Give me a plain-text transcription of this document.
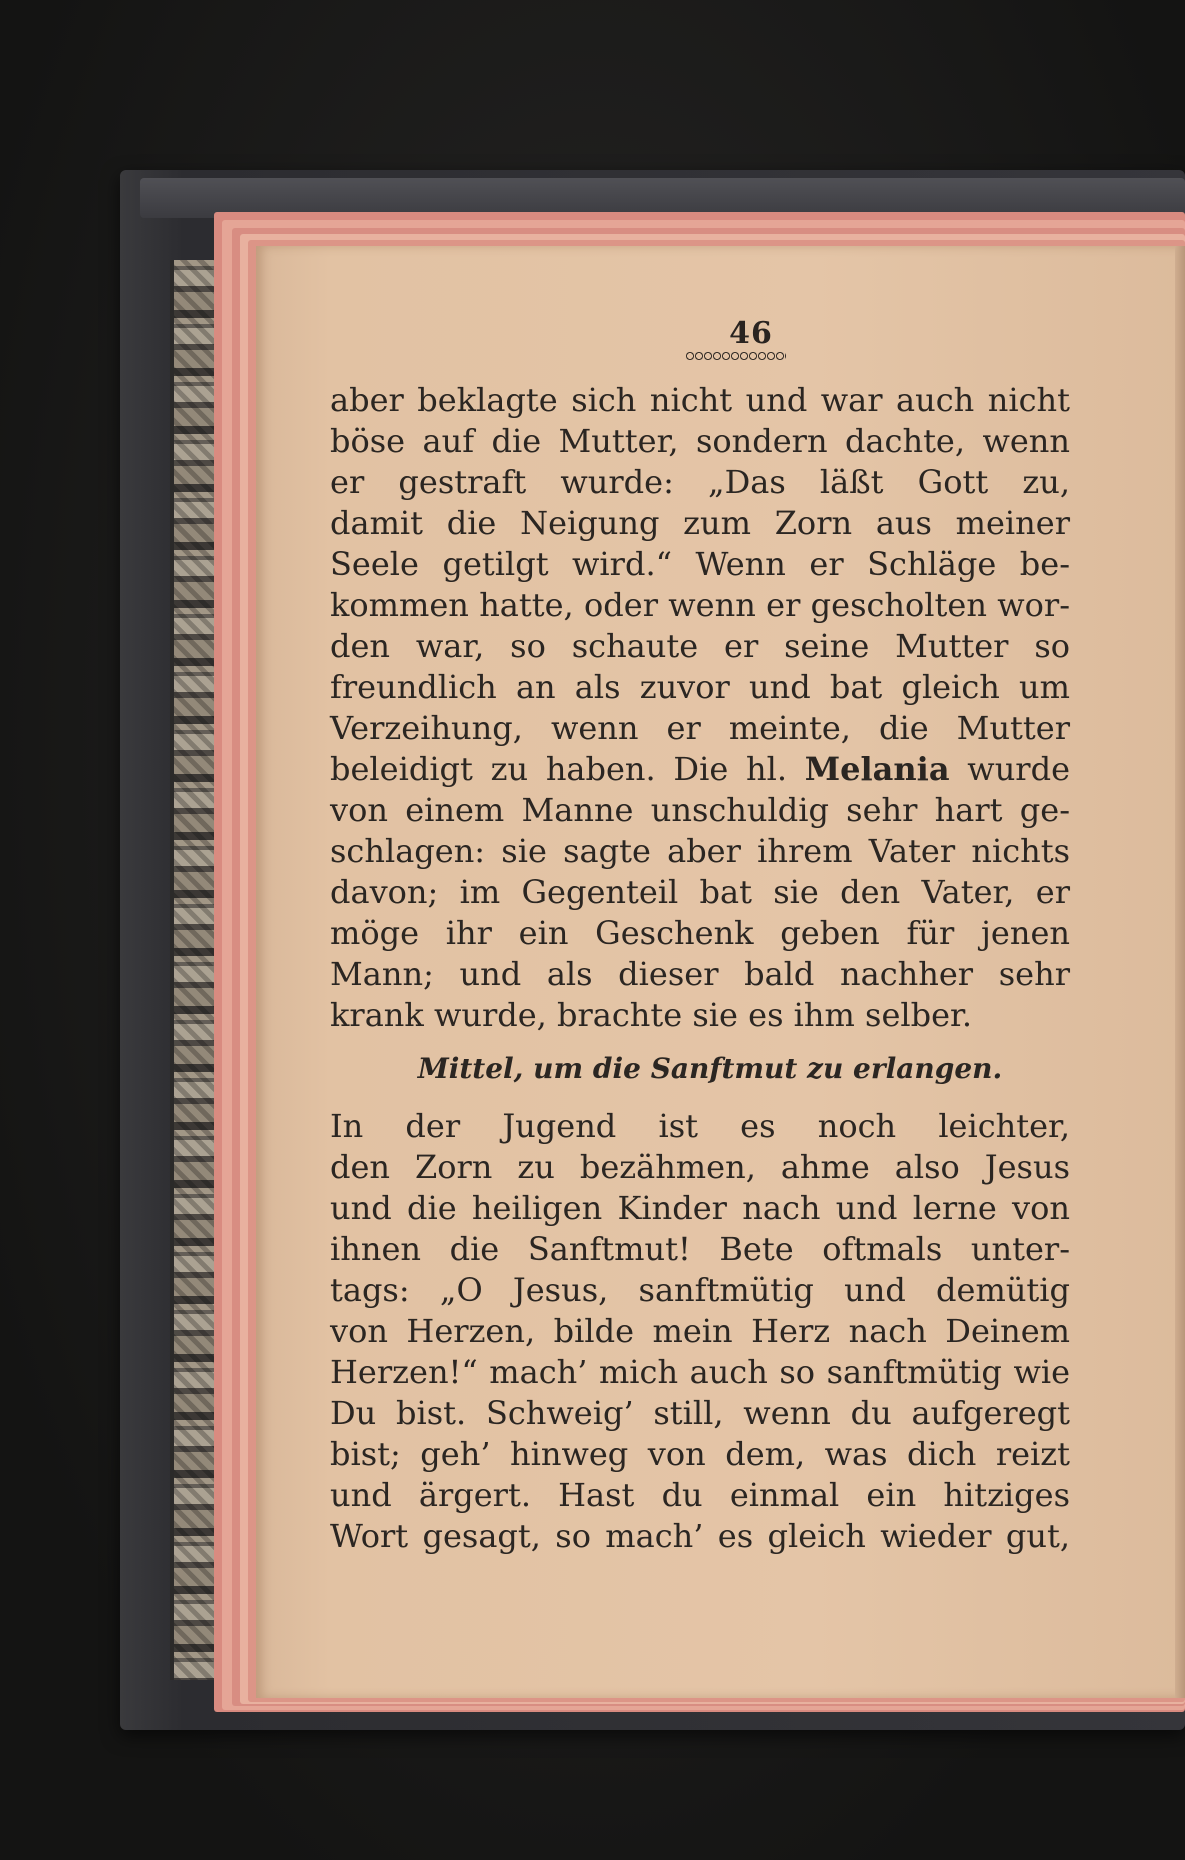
46
aber beklagte sich nicht und war auch nicht
böse auf die Mutter, sondern dachte, wenn
er gestraft wurde: „Das läßt Gott zu,
damit die Neigung zum Zorn aus meiner
Seele getilgt wird.“ Wenn er Schläge be-
kommen hatte, oder wenn er gescholten wor-
den war, so schaute er seine Mutter so
freundlich an als zuvor und bat gleich um
Verzeihung, wenn er meinte, die Mutter
beleidigt zu haben. Die hl. Melania wurde
von einem Manne unschuldig sehr hart ge-
schlagen: sie sagte aber ihrem Vater nichts
davon; im Gegenteil bat sie den Vater, er
möge ihr ein Geschenk geben für jenen
Mann; und als dieser bald nachher sehr
krank wurde, brachte sie es ihm selber.
Mittel, um die Sanftmut zu erlangen.
In der Jugend ist es noch leichter,
den Zorn zu bezähmen, ahme also Jesus
und die heiligen Kinder nach und lerne von
ihnen die Sanftmut! Bete oftmals unter-
tags: „O Jesus, sanftmütig und demütig
von Herzen, bilde mein Herz nach Deinem
Herzen!“ mach’ mich auch so sanftmütig wie
Du bist. Schweig’ still, wenn du aufgeregt
bist; geh’ hinweg von dem, was dich reizt
und ärgert. Hast du einmal ein hitziges
Wort gesagt, so mach’ es gleich wieder gut,
